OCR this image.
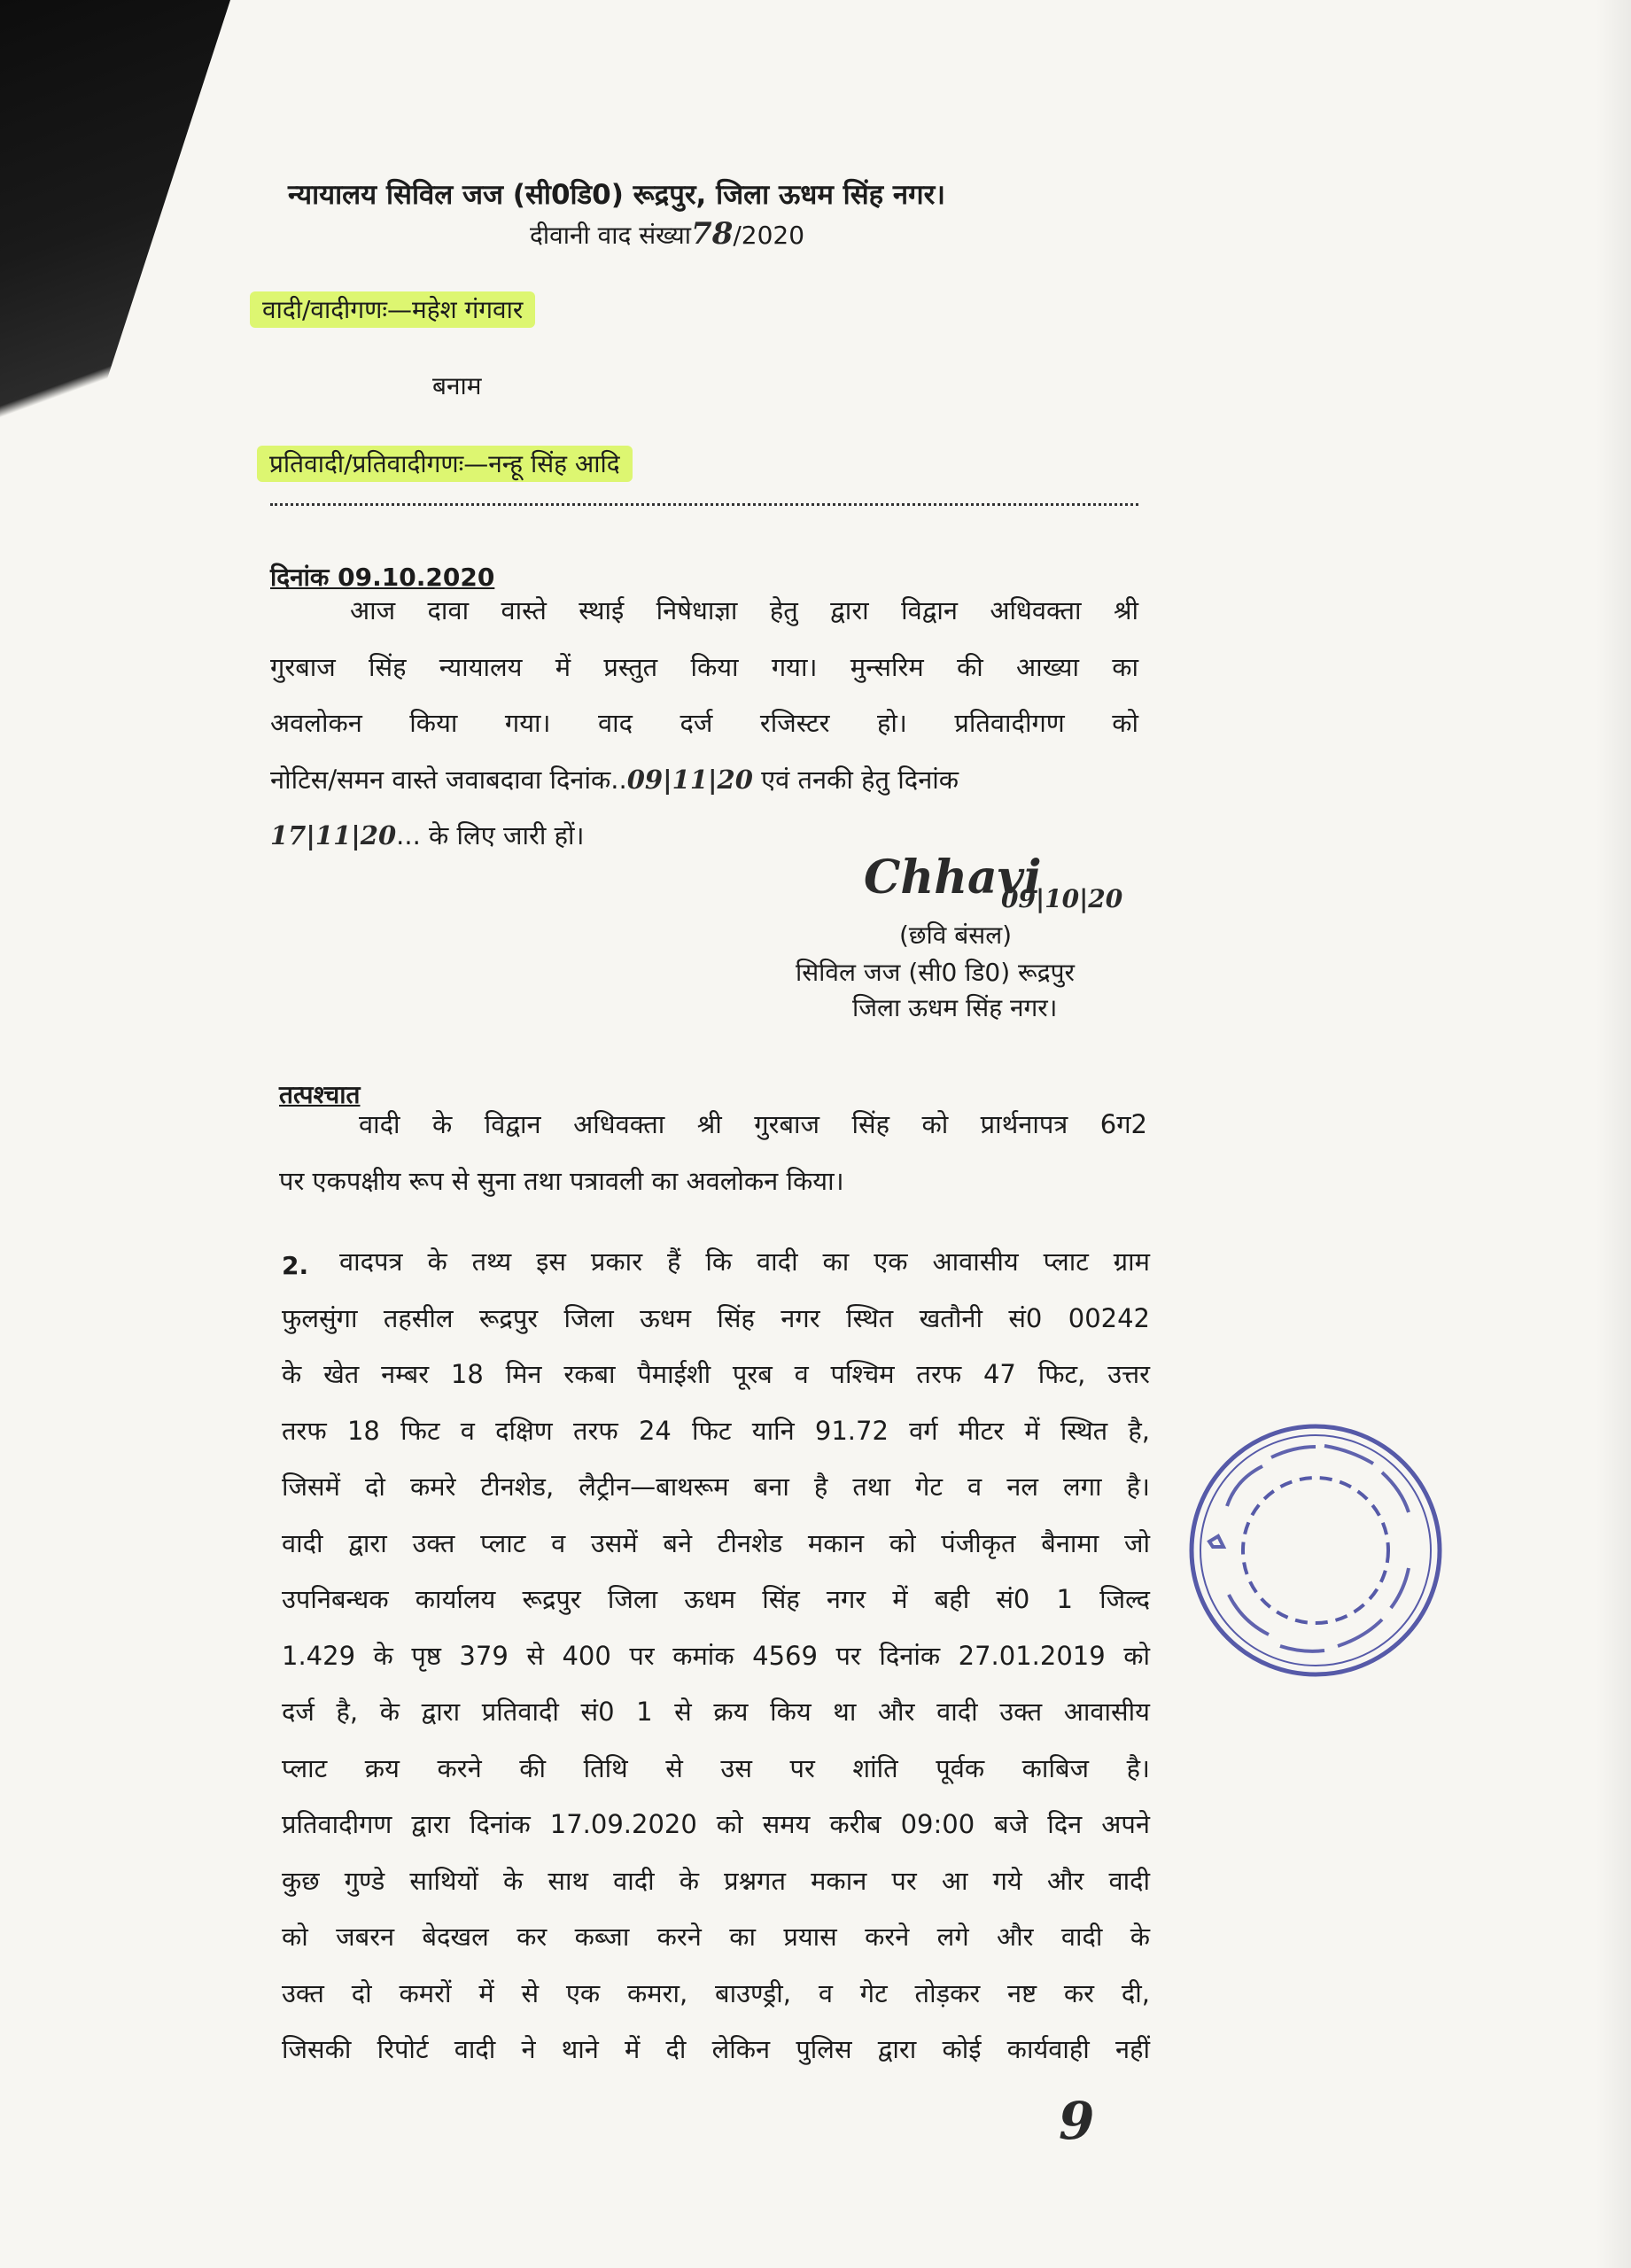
न्यायालय सिविल जज (सी0डि0) रूद्रपुर, जिला ऊधम सिंह नगर।
दीवानी वाद संख्या78/2020
वादी/वादीगणः—महेश गंगवार
बनाम
प्रतिवादी/प्रतिवादीगणः—नन्हू सिंह आदि
दिनांक 09.10.2020
आज दावा वास्ते स्थाई निषेधाज्ञा हेतु द्वारा विद्वान अधिवक्ता श्री
गुरबाज सिंह न्यायालय में प्रस्तुत किया गया। मुन्सरिम की आख्या का
अवलोकन किया गया। वाद दर्ज रजिस्टर हो। प्रतिवादीगण को
नोटिस/समन वास्ते जवाबदावा दिनांक..09|11|20 एवं तनकी हेतु दिनांक
17|11|20... के लिए जारी हों।
Chhavi
09|10|20
(छवि बंसल)
सिविल जज (सी0 डि0) रूद्रपुर
जिला ऊधम सिंह नगर।
तत्पश्चात
वादी के विद्वान अधिवक्ता श्री गुरबाज सिंह को प्रार्थनापत्र 6ग2
पर एकपक्षीय रूप से सुना तथा पत्रावली का अवलोकन किया।
2.	वादपत्र के तथ्य इस प्रकार हैं कि वादी का एक आवासीय प्लाट ग्राम
फुलसुंगा तहसील रूद्रपुर जिला ऊधम सिंह नगर स्थित खतौनी सं0 00242
के खेत नम्बर 18 मिन रकबा पैमाईशी पूरब व पश्चिम तरफ 47 फिट, उत्तर
तरफ 18 फिट व दक्षिण तरफ 24 फिट यानि 91.72 वर्ग मीटर में स्थित है,
जिसमें दो कमरे टीनशेड, लैट्रीन—बाथरूम बना है तथा गेट व नल लगा है।
वादी द्वारा उक्त प्लाट व उसमें बने टीनशेड मकान को पंजीकृत बैनामा जो
उपनिबन्धक कार्यालय रूद्रपुर जिला ऊधम सिंह नगर में बही सं0 1 जिल्द
1.429 के पृष्ठ 379 से 400 पर कमांक 4569 पर दिनांक 27.01.2019 को
दर्ज है, के द्वारा प्रतिवादी सं0 1 से क्रय किय था और वादी उक्त आवासीय
प्लाट क्रय करने की तिथि से उस पर शांति पूर्वक काबिज है।
प्रतिवादीगण द्वारा दिनांक 17.09.2020 को समय करीब 09:00 बजे दिन अपने
कुछ गुण्डे साथियों के साथ वादी के प्रश्नगत मकान पर आ गये और वादी
को जबरन बेदखल कर कब्जा करने का प्रयास करने लगे और वादी के
उक्त दो कमरों में से एक कमरा, बाउण्ड्री, व गेट तोड़कर नष्ट कर दी,
जिसकी रिपोर्ट वादी ने थाने में दी लेकिन पुलिस द्वारा कोई कार्यवाही नहीं
9
